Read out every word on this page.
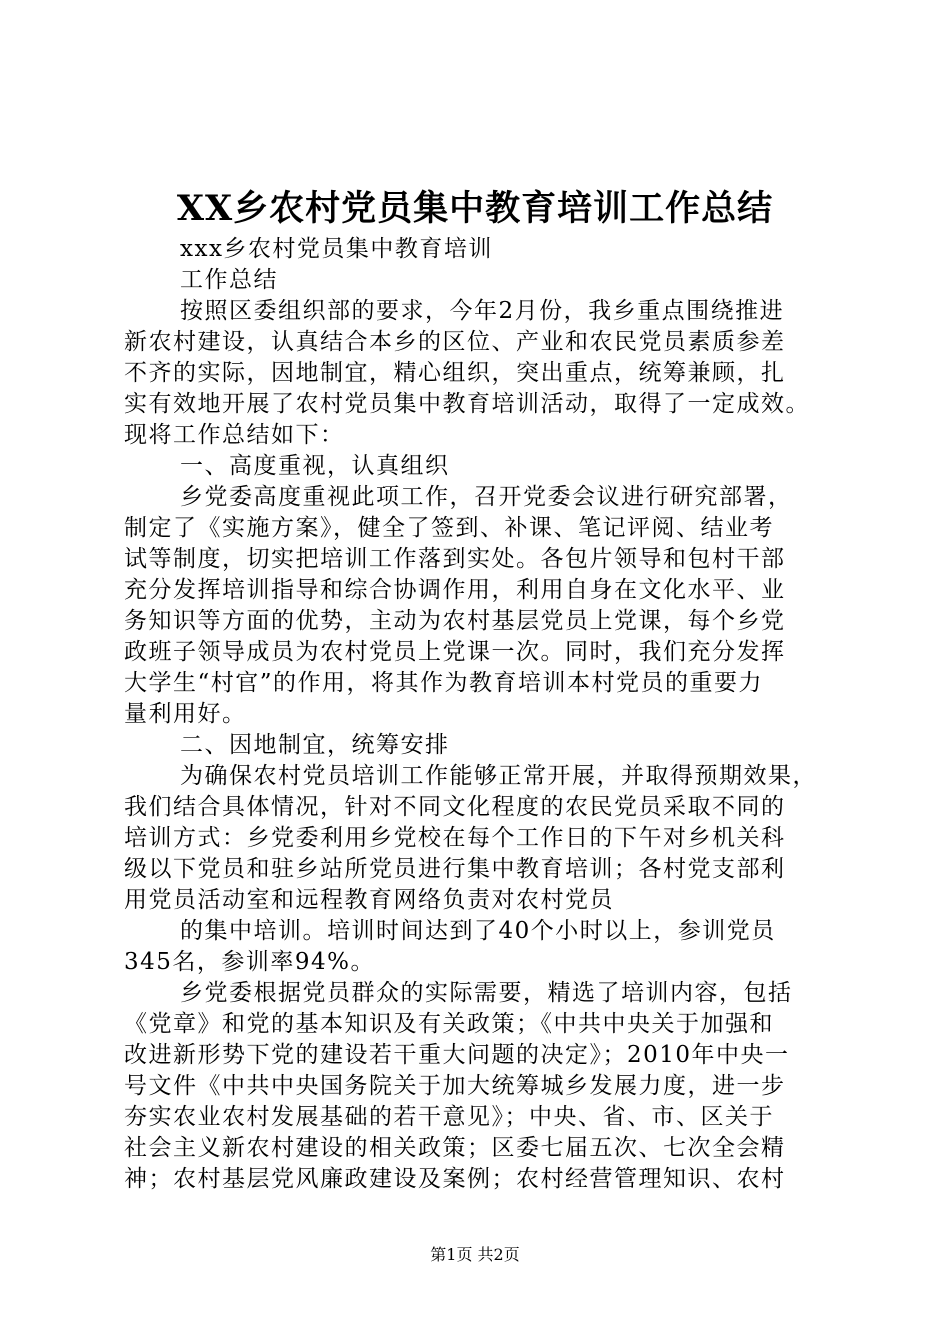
XX乡农村党员集中教育培训工作总结
xxx乡农村党员集中教育培训
工作总结
按照区委组织部的要求，今年2月份，我乡重点围绕推进
新农村建设，认真结合本乡的区位、产业和农民党员素质参差
不齐的实际，因地制宜，精心组织，突出重点，统筹兼顾，扎
实有效地开展了农村党员集中教育培训活动，取得了一定成效。
现将工作总结如下：
一、高度重视，认真组织
乡党委高度重视此项工作，召开党委会议进行研究部署，
制定了《实施方案》，健全了签到、补课、笔记评阅、结业考
试等制度，切实把培训工作落到实处。各包片领导和包村干部
充分发挥培训指导和综合协调作用，利用自身在文化水平、业
务知识等方面的优势，主动为农村基层党员上党课，每个乡党
政班子领导成员为农村党员上党课一次。同时，我们充分发挥
大学生“村官”的作用，将其作为教育培训本村党员的重要力
量利用好。
二、因地制宜，统筹安排
为确保农村党员培训工作能够正常开展，并取得预期效果，
我们结合具体情况，针对不同文化程度的农民党员采取不同的
培训方式：乡党委利用乡党校在每个工作日的下午对乡机关科
级以下党员和驻乡站所党员进行集中教育培训；各村党支部利
用党员活动室和远程教育网络负责对农村党员
的集中培训。培训时间达到了40个小时以上，参训党员
345名，参训率94%。
乡党委根据党员群众的实际需要，精选了培训内容，包括
《党章》和党的基本知识及有关政策；《中共中央关于加强和
改进新形势下党的建设若干重大问题的决定》；2010年中央一
号文件《中共中央国务院关于加大统筹城乡发展力度，进一步
夯实农业农村发展基础的若干意见》；中央、省、市、区关于
社会主义新农村建设的相关政策；区委七届五次、七次全会精
神；农村基层党风廉政建设及案例；农村经营管理知识、农村
第1页 共2页
